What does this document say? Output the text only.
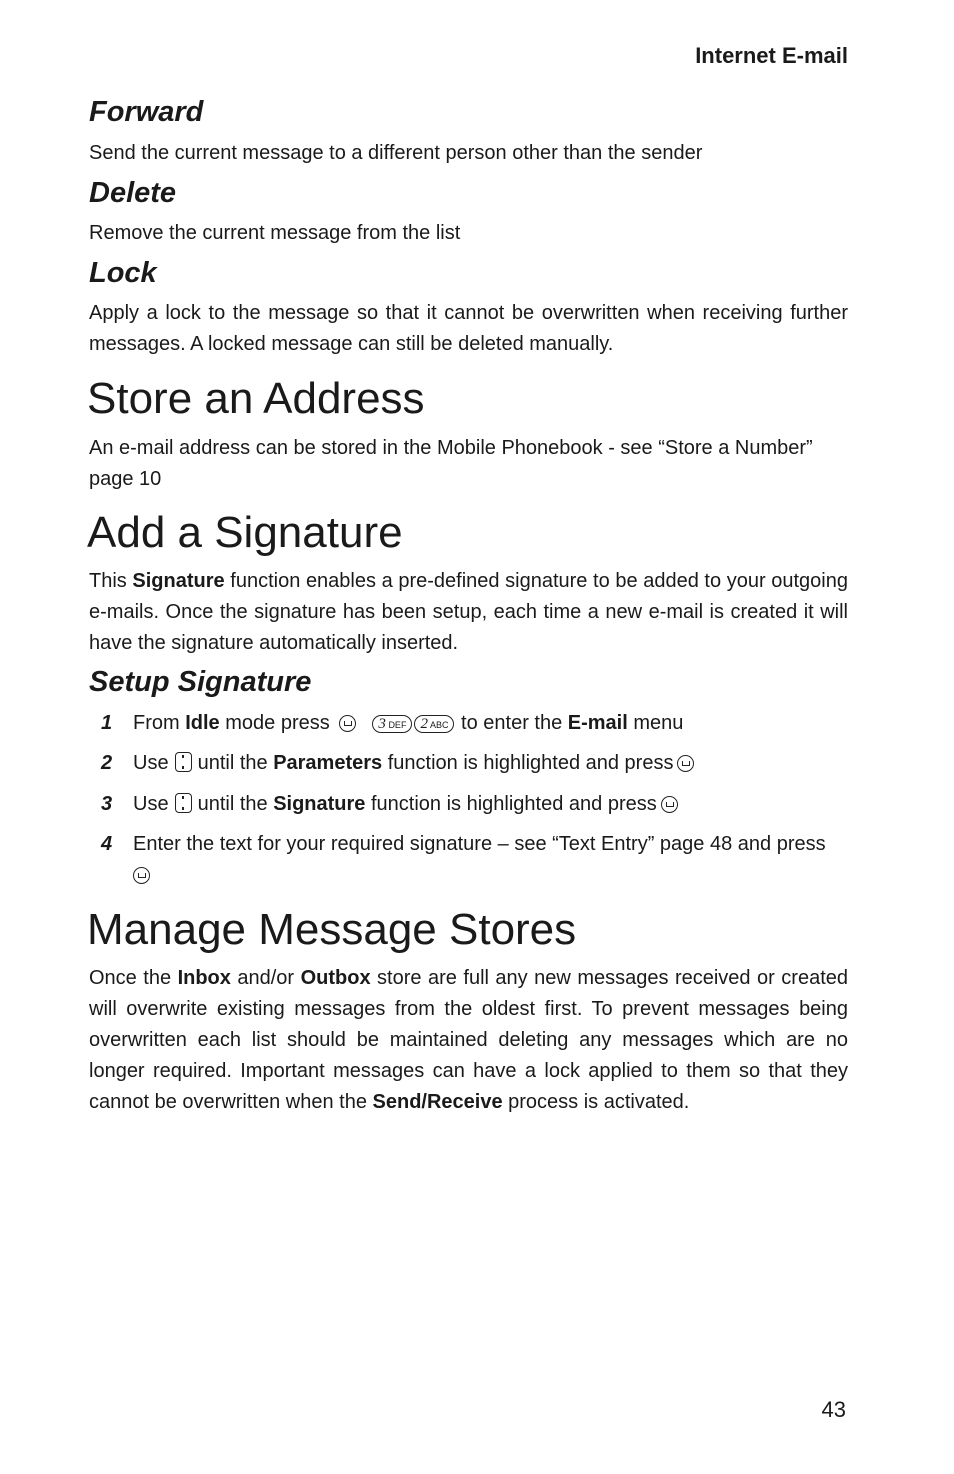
Internet E-mail
Forward

Send the current message to a different person other than the sender

Delete

Remove the current message from the list

Lock

Apply a lock to the message so that it cannot be overwritten when receiving further messages. A locked message can still be deleted manually.

Store an Address

An e-mail address can be stored in the Mobile Phonebook - see “Store a Number” page 10

Add a Signature

This Signature function enables a pre-defined signature to be added to your outgoing e-mails. Once the signature has been setup, each time a new e-mail is created it will have the signature automatically inserted.

Setup Signature
1 From Idle mode press	3 DEF 2 ABC to enter the E-mail menu
2 Use until the Parameters function is highlighted and press
3 Use until the Signature function is highlighted and press
4 Enter the text for your required signature – see “Text Entry” page 48 and press

Manage Message Stores

Once the Inbox and/or Outbox store are full any new messages received or created will overwrite existing messages from the oldest first. To prevent messages being overwritten each list should be maintained deleting any messages which are no longer required. Important messages can have a lock applied to them so that they cannot be overwritten when the Send/Receive process is activated.

43
